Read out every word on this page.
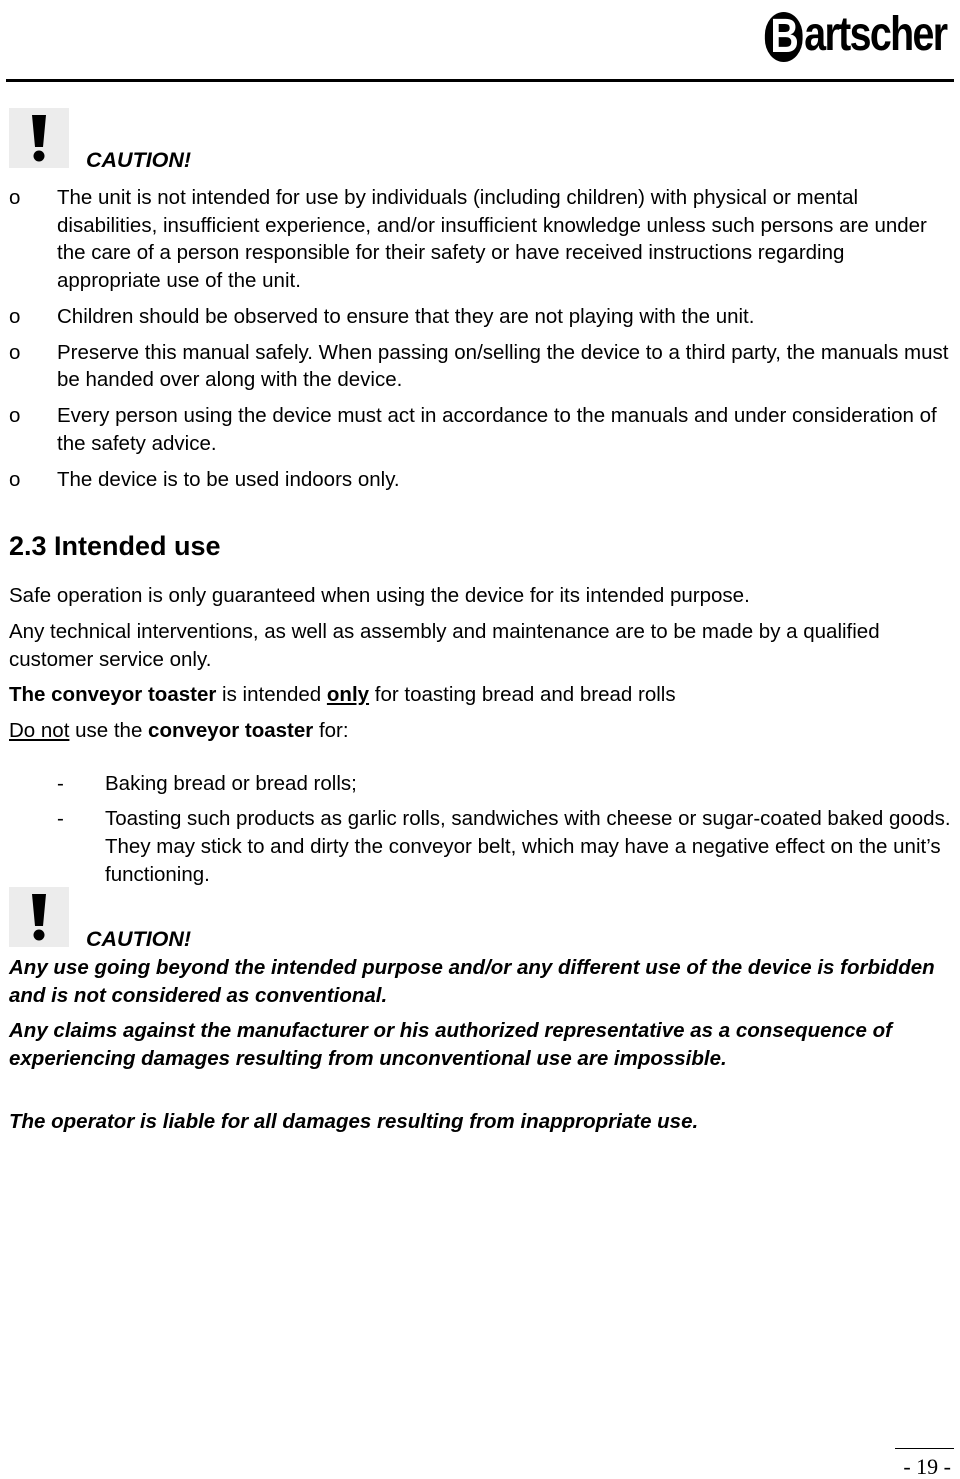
B artscher
CAUTION!
o	The unit is not intended for use by individuals (including children) with physical or mental disabilities, insufficient experience, and/or insufficient knowledge unless such persons are under the care of a person responsible for their safety or have received instructions regarding appropriate use of the unit.
o	Children should be observed to ensure that they are not playing with the unit.
o	Preserve this manual safely. When passing on/selling the device to a third party, the manuals must be handed over along with the device.
o	Every person using the device must act in accordance to the manuals and under consideration of the safety advice.
o	The device is to be used indoors only.
2.3 Intended use
Safe operation is only guaranteed when using the device for its intended purpose.
Any technical interventions, as well as assembly and maintenance are to be made by a qualified customer service only.
The conveyor toaster is intended only for toasting bread and bread rolls
Do not use the conveyor toaster for:
- Baking bread or bread rolls;
- Toasting such products as garlic rolls, sandwiches with cheese or sugar-coated baked goods. They may stick to and dirty the conveyor belt, which may have a negative effect on the unit’s functioning.
CAUTION!
Any use going beyond the intended purpose and/or any different use of the device is forbidden and is not considered as conventional.
Any claims against the manufacturer or his authorized representative as a consequence of experiencing damages resulting from unconventional use are impossible.
The operator is liable for all damages resulting from inappropriate use.
- 19 -
